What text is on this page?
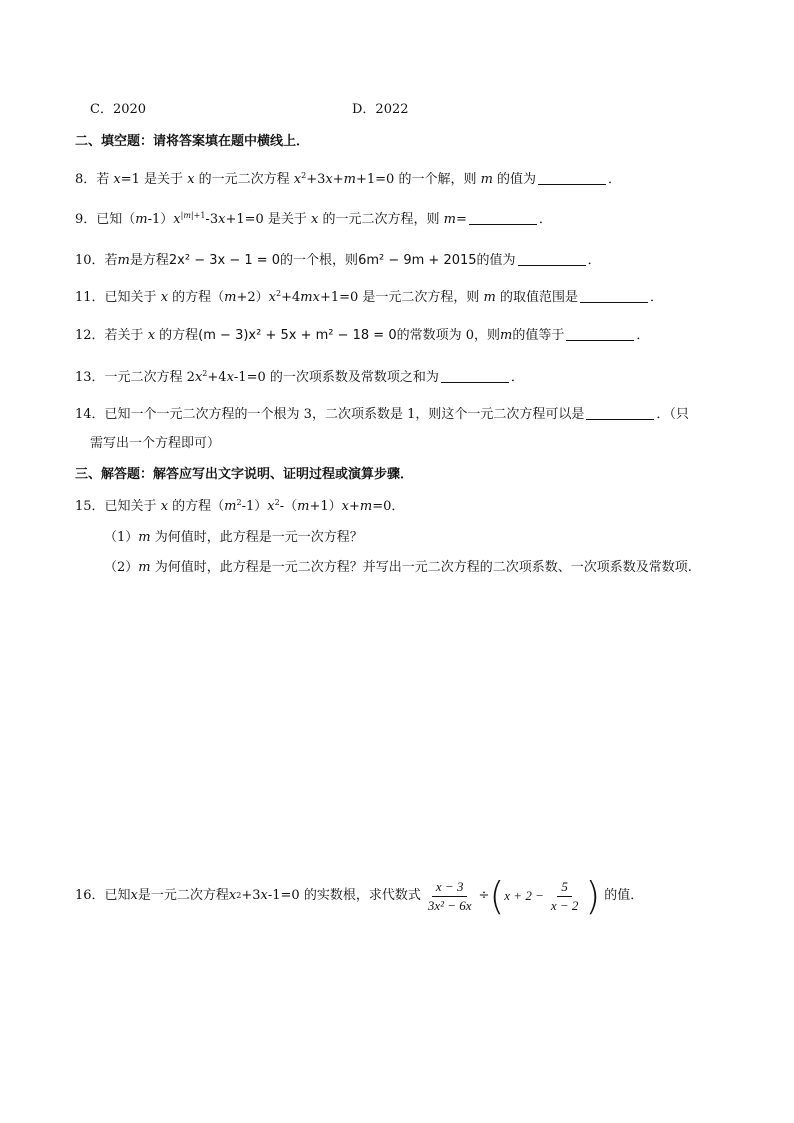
C．2020	D．2022
二、填空题：请将答案填在题中横线上．
8．若 x=1 是关于 x 的一元二次方程 $x^2+3x+m+1=0$ 的一个解，则 m 的值为	．
9．已知$(m-1)x^{|m|+1}-3x+1=0$ 是关于 x 的一元二次方程，则 m=	．
10．若m是方程2x² − 3x − 1 = 0的一个根，则6m² − 9m + 2015的值为	．
11．已知关于 x 的方程$(m+2)x^2+4mx+1=0$ 是一元二次方程，则 m 的取值范围是	．
12．若关于 x 的方程(m − 3)x² + 5x + m² − 18 = 0的常数项为 0，则m的值等于	．
13．一元二次方程 $2x^2+4x-1=0$ 的一次项系数及常数项之和为	．
14．已知一个一元二次方程的一个根为 3，二次项系数是 1，则这个一元二次方程可以是	．（只
需写出一个方程即可）
三、解答题：解答应写出文字说明、证明过程或演算步骤．
15．已知关于 x 的方程$(m^2-1)x^2-(m+1)x+m=0$．
（1）m 为何值时，此方程是一元一次方程？
（2）m 为何值时，此方程是一元二次方程？并写出一元二次方程的二次项系数、一次项系数及常数项.
16．已知 x 是一元二次方程 x 2 +3 x -1=0 的实数根，求代数式 $\frac{x - 3}{\text{3x² − 6x}}$ ÷ ( $x + 2 - \frac{5}{x - 2}$ ) 的值．
